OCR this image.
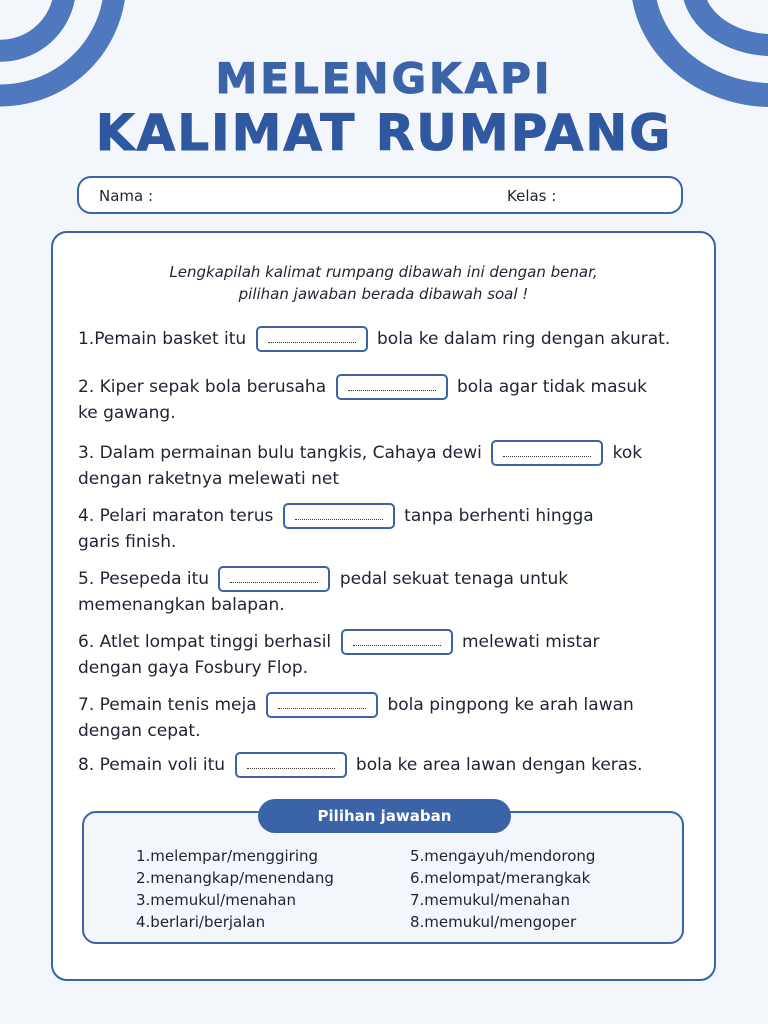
MELENGKAPI
KALIMAT RUMPANG
Nama :	Kelas :
Lengkapilah kalimat rumpang dibawah ini dengan benar,
pilihan jawaban berada dibawah soal !
1.Pemain basket itu	bola ke dalam ring dengan akurat.
2. Kiper sepak bola berusaha	bola agar tidak masuk ke gawang.
3. Dalam permainan bulu tangkis, Cahaya dewi	kok dengan raketnya melewati net
4. Pelari maraton terus	tanpa berhenti hingga garis finish.
5. Pesepeda itu	pedal sekuat tenaga untuk memenangkan balapan.
6. Atlet lompat tinggi berhasil	melewati mistar dengan gaya Fosbury Flop.
7. Pemain tenis meja	bola pingpong ke arah lawan dengan cepat.
8. Pemain voli itu	bola ke area lawan dengan keras.
1.melempar/menggiring
2.menangkap/menendang
3.memukul/menahan
4.berlari/berjalan
5.mengayuh/mendorong
6.melompat/merangkak
7.memukul/menahan
8.memukul/mengoper
Pilihan jawaban
